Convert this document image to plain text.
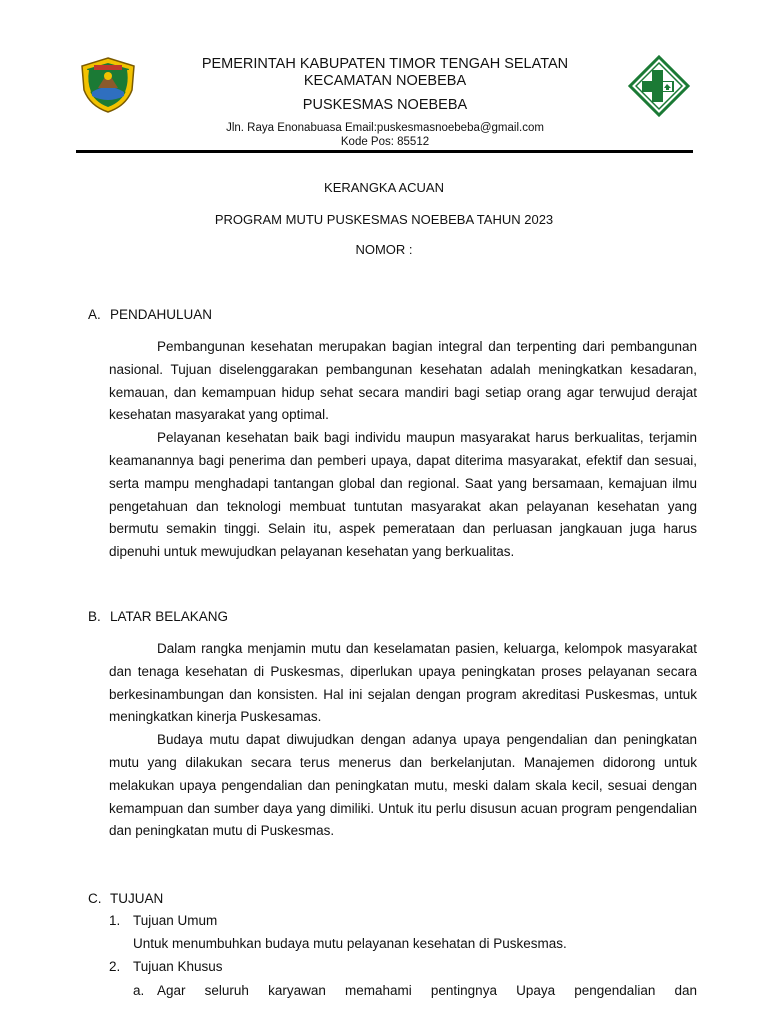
PEMERINTAH KABUPATEN TIMOR TENGAH SELATAN
KECAMATAN NOEBEBA
PUSKESMAS NOEBEBA
Jln. Raya Enonabuasa Email:puskesmasnoebeba@gmail.com
Kode Pos: 85512
KERANGKA ACUAN
PROGRAM MUTU PUSKESMAS NOEBEBA TAHUN 2023
NOMOR :
A. PENDAHULUAN

Pembangunan kesehatan merupakan bagian integral dan terpenting dari pembangunan nasional. Tujuan diselenggarakan pembangunan kesehatan adalah meningkatkan kesadaran, kemauan, dan kemampuan hidup sehat secara mandiri bagi setiap orang agar terwujud derajat kesehatan masyarakat yang optimal.

Pelayanan kesehatan baik bagi individu maupun masyarakat harus berkualitas, terjamin keamanannya bagi penerima dan pemberi upaya, dapat diterima masyarakat, efektif dan sesuai, serta mampu menghadapi tantangan global dan regional. Saat yang bersamaan, kemajuan ilmu pengetahuan dan teknologi membuat tuntutan masyarakat akan pelayanan kesehatan yang bermutu semakin tinggi. Selain itu, aspek pemerataan dan perluasan jangkauan juga harus dipenuhi untuk mewujudkan pelayanan kesehatan yang berkualitas.

B. LATAR BELAKANG

Dalam rangka menjamin mutu dan keselamatan pasien, keluarga, kelompok masyarakat dan tenaga kesehatan di Puskesmas, diperlukan upaya peningkatan proses pelayanan secara berkesinambungan dan konsisten. Hal ini sejalan dengan program akreditasi Puskesmas, untuk meningkatkan kinerja Puskesamas.

Budaya mutu dapat diwujudkan dengan adanya upaya pengendalian dan peningkatan mutu yang dilakukan secara terus menerus dan berkelanjutan. Manajemen didorong untuk melakukan upaya pengendalian dan peningkatan mutu, meski dalam skala kecil, sesuai dengan kemampuan dan sumber daya yang dimiliki. Untuk itu perlu disusun acuan program pengendalian dan peningkatan mutu di Puskesmas.

C. TUJUAN
1. Tujuan Umum
Untuk menumbuhkan budaya mutu pelayanan kesehatan di Puskesmas.
2. Tujuan Khusus
a. Agar seluruh karyawan memahami pentingnya Upaya pengendalian dan
